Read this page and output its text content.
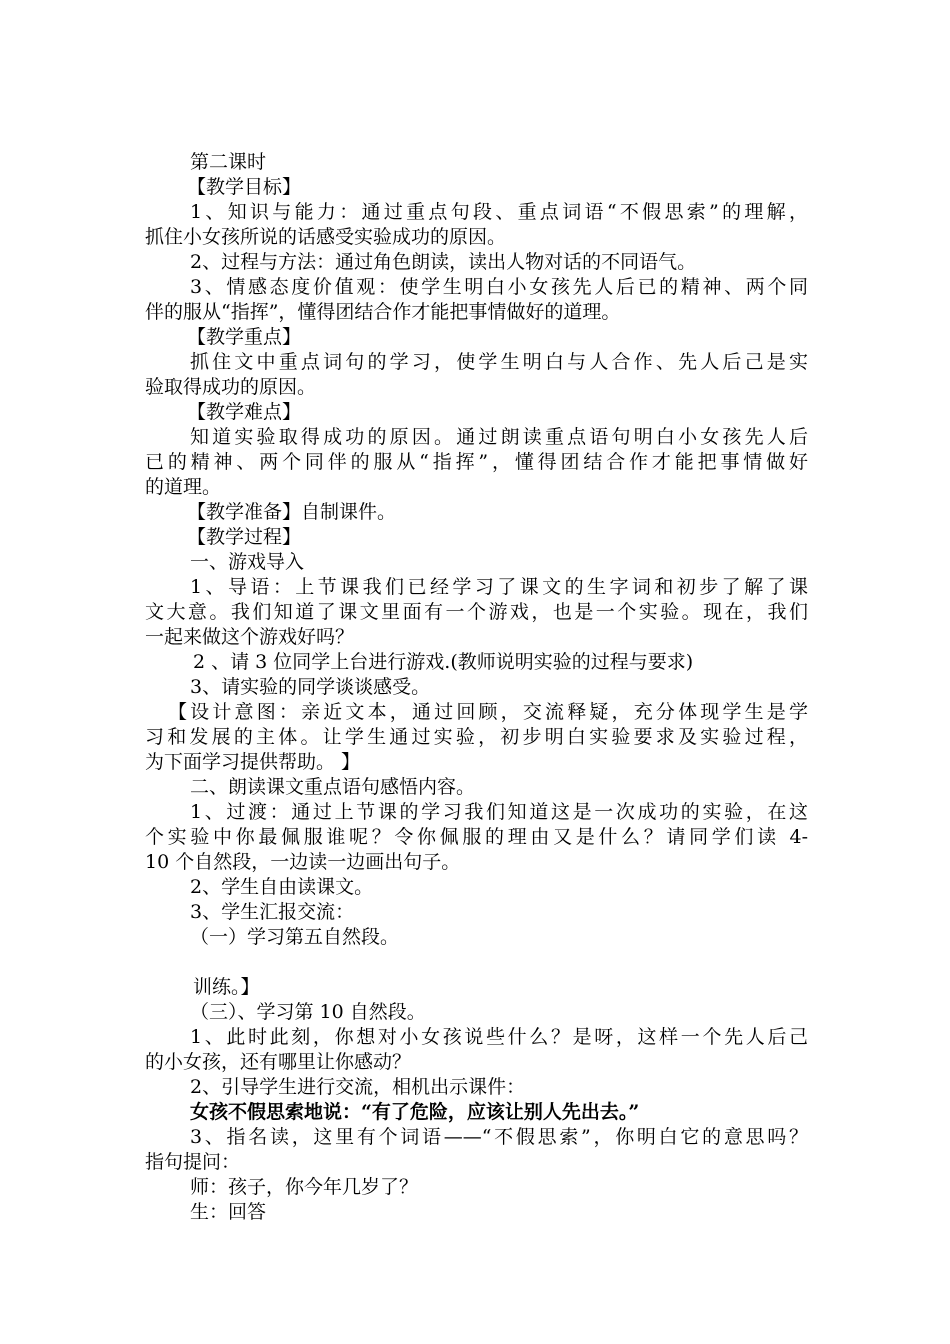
第二课时
【教学目标】
1、知识与能力：通过重点句段、重点词语“不假思索”的理解，
抓住小女孩所说的话感受实验成功的原因。
2、过程与方法：通过角色朗读，读出人物对话的不同语气。
3、情感态度价值观：使学生明白小女孩先人后已的精神、两个同
伴的服从“指挥”，懂得团结合作才能把事情做好的道理。
【教学重点】
抓住文中重点词句的学习，使学生明白与人合作、先人后己是实
验取得成功的原因。
【教学难点】
知道实验取得成功的原因。通过朗读重点语句明白小女孩先人后
已的精神、两个同伴的服从“指挥”，懂得团结合作才能把事情做好
的道理。
【教学准备】自制课件。
【教学过程】
一、游戏导入
1、导语：上节课我们已经学习了课文的生字词和初步了解了课
文大意。我们知道了课文里面有一个游戏，也是一个实验。现在，我们
一起来做这个游戏好吗？
2 、请 3 位同学上台进行游戏.(教师说明实验的过程与要求)
3、请实验的同学谈谈感受。
【设计意图：亲近文本，通过回顾，交流释疑，充分体现学生是学
习和发展的主体。让学生通过实验，初步明白实验要求及实验过程，
为下面学习提供帮助。 】
二、朗读课文重点语句感悟内容。
1、过渡：通过上节课的学习我们知道这是一次成功的实验，在这
个实验中你最佩服谁呢？令你佩服的理由又是什么？请同学们读 4-
10 个自然段，一边读一边画出句子。
2、学生自由读课文。
3、学生汇报交流：
（一）学习第五自然段。
训练。】
（三）、学习第 10 自然段。
1、此时此刻，你想对小女孩说些什么？是呀，这样一个先人后己
的小女孩，还有哪里让你感动？
2、引导学生进行交流，相机出示课件：
女孩不假思索地说：“有了危险，应该让别人先出去。”
3、指名读，这里有个词语——“不假思索”，你明白它的意思吗？
指句提问：
师：孩子，你今年几岁了？
生：回答
